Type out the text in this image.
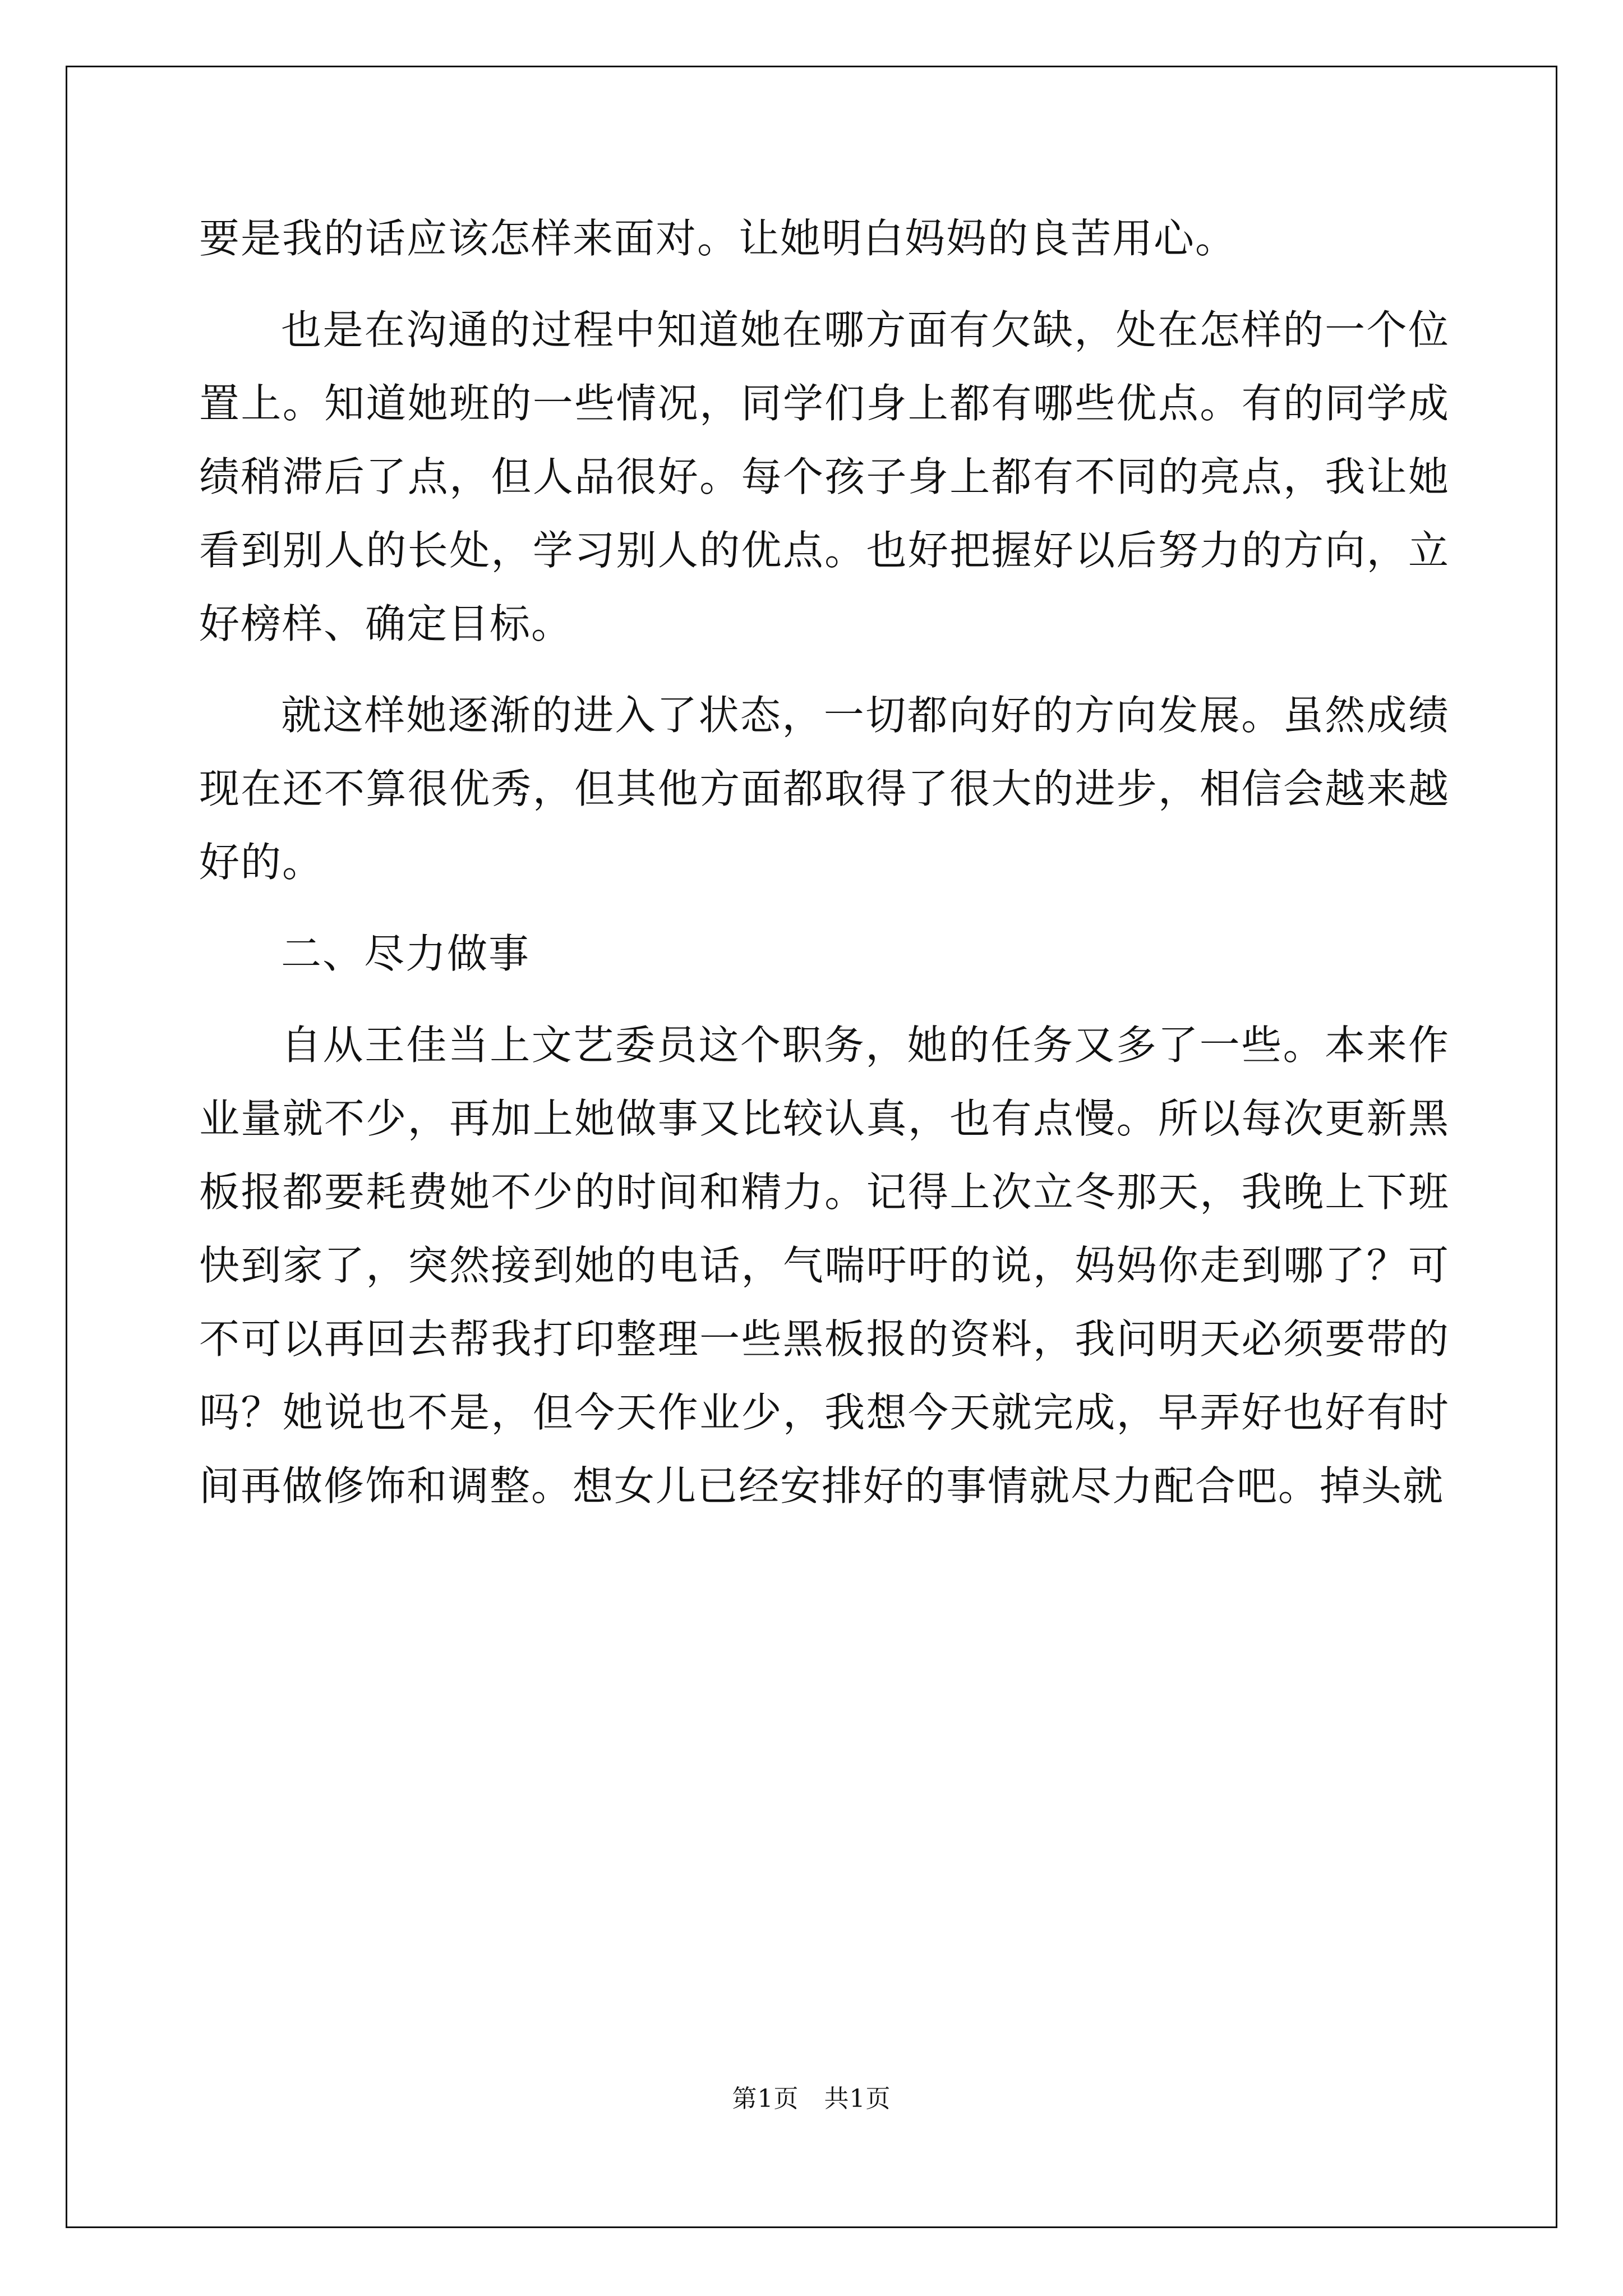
要是我的话应该怎样来面对。让她明白妈妈的良苦用心。

也是在沟通的过程中知道她在哪方面有欠缺，处在怎样的一个位置上。知道她班的一些情况，同学们身上都有哪些优点。有的同学成绩稍滞后了点，但人品很好。每个孩子身上都有不同的亮点，我让她看到别人的长处，学习别人的优点。也好把握好以后努力的方向，立好榜样、确定目标。

就这样她逐渐的进入了状态，一切都向好的方向发展。虽然成绩现在还不算很优秀，但其他方面都取得了很大的进步，相信会越来越好的。

二、尽力做事

自从王佳当上文艺委员这个职务，她的任务又多了一些。本来作业量就不少，再加上她做事又比较认真，也有点慢。所以每次更新黑板报都要耗费她不少的时间和精力。记得上次立冬那天，我晚上下班快到家了，突然接到她的电话，气喘吁吁的说，妈妈你走到哪了？可不可以再回去帮我打印整理一些黑板报的资料，我问明天必须要带的吗？她说也不是，但今天作业少，我想今天就完成，早弄好也好有时间再做修饰和调整。想女儿已经安排好的事情就尽力配合吧。掉头就

第1页　共1页
